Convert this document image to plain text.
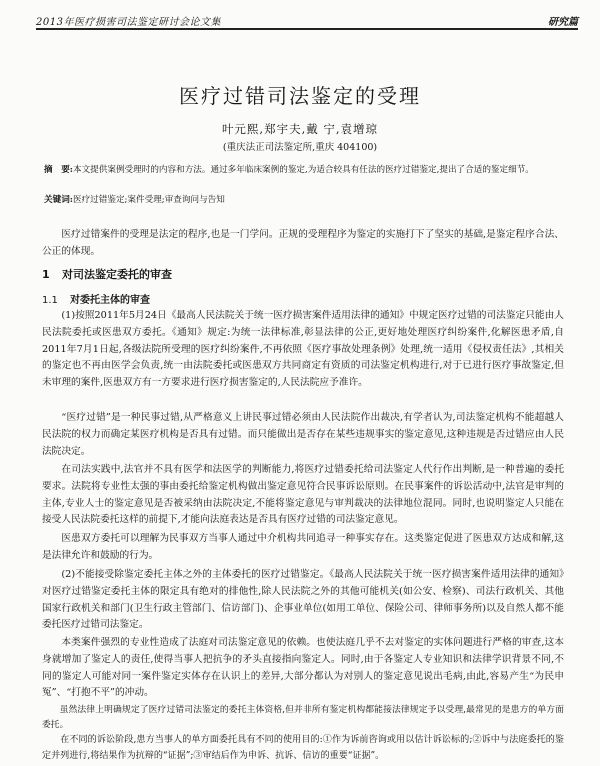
2013年医疗损害司法鉴定研讨会论文集	研究篇
医疗过错司法鉴定的受理
叶元熙,郑宇夫,戴 宁,袁增琼
(重庆法正司法鉴定所,重庆 404100)
摘　要:本文提供案例受理时的内容和方法。通过多年临床案例的鉴定,为适合较具有任法的医疗过错鉴定,提出了合适的鉴定细节。
关键词:医疗过错鉴定;案件受理;审查询问与告知

医疗过错案件的受理是法定的程序,也是一门学问。正规的受理程序为鉴定的实施打下了坚实的基础,是鉴定程序合法、公正的体现。

1 对司法鉴定委托的审查
1.1 对委托主体的审查

(1)按照2011年5月24日《最高人民法院关于统一医疗损害案件适用法律的通知》中规定医疗过错的司法鉴定只能由人民法院委托或医患双方委托。《通知》规定:为统一法律标准,彰显法律的公正,更好地处理医疗纠纷案件,化解医患矛盾,自2011年7月1日起,各级法院所受理的医疗纠纷案件,不再依照《医疗事故处理条例》处理,统一适用《侵权责任法》,其相关的鉴定也不再由医学会负责,统一由法院委托或医患双方共同商定有资质的司法鉴定机构进行,对于已进行医疗事故鉴定,但未审理的案件,医患双方有一方要求进行医疗损害鉴定的,人民法院应予准许。

“医疗过错”是一种民事过错,从严格意义上讲民事过错必须由人民法院作出裁决,有学者认为,司法鉴定机构不能超越人民法院的权力而确定某医疗机构是否具有过错。而只能做出是否存在某些违规事实的鉴定意见,这种违规是否过错应由人民法院决定。

在司法实践中,法官并不具有医学和法医学的判断能力,将医疗过错委托给司法鉴定人代行作出判断,是一种普遍的委托要求。法院将专业性太强的事由委托给鉴定机构做出鉴定意见符合民事诉讼原则。在民事案件的诉讼活动中,法官是审判的主体,专业人士的鉴定意见是否被采纳由法院决定,不能将鉴定意见与审判裁决的法律地位混同。同时,也说明鉴定人只能在接受人民法院委托这样的前提下,才能向法庭表达是否具有医疗过错的司法鉴定意见。

医患双方委托可以理解为民事双方当事人通过中介机构共同追寻一种事实存在。这类鉴定促进了医患双方达成和解,这是法律允许和鼓励的行为。

(2)不能接受除鉴定委托主体之外的主体委托的医疗过错鉴定。《最高人民法院关于统一医疗损害案件适用法律的通知》对医疗过错鉴定委托主体的限定具有绝对的排他性,除人民法院之外的其他可能机关(如公安、检察)、司法行政机关、其他国家行政机关和部门(卫生行政主管部门、信访部门)、企事业单位(如用工单位、保险公司、律师事务所)以及自然人都不能委托医疗过错司法鉴定。

本类案件强烈的专业性造成了法庭对司法鉴定意见的依赖。也使法庭几乎不去对鉴定的实体问题进行严格的审查,这本身就增加了鉴定人的责任,使得当事人把抗争的矛头直接指向鉴定人。同时,由于各鉴定人专业知识和法律学识背景不同,不同的鉴定人可能对同一案件鉴定实体存在认识上的差异,大部分都认为对别人的鉴定意见说出毛病,由此,容易产生“为民申冤”、“打抱不平”的冲动。

虽然法律上明确规定了医疗过错司法鉴定的委托主体资格,但并非所有鉴定机构都能接法律规定予以受理,最常见的是患方的单方面委托。

在不同的诉讼阶段,患方当事人的单方面委托具有不同的使用目的:①作为诉前咨询或用以估计诉讼标的;②诉中与法庭委托的鉴定并列进行,将结果作为抗辩的“证据”;③审结后作为申诉、抗诉、信访的重要“证据”。
